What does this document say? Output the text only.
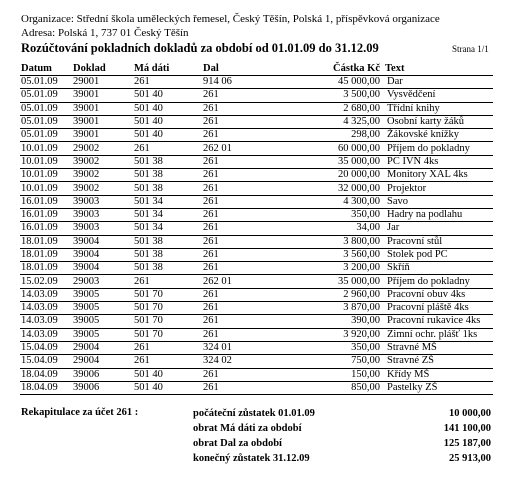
Organizace: Střední škola uměleckých řemesel, Český Těšín, Polská 1, příspěvková organizace
Adresa: Polská 1, 737 01 Český Těšín
Rozúčtování pokladních dokladů za období od 01.01.09 do 31.12.09	Strana 1/1
Datum	Doklad	Má dáti	Dal	Částka Kč	Text
05.01.09	29001	261	914 06	45 000,00	Dar
05.01.09	39001	501 40	261	3 500,00	Vysvědčení
05.01.09	39001	501 40	261	2 680,00	Třídní knihy
05.01.09	39001	501 40	261	4 325,00	Osobní karty žáků
05.01.09	39001	501 40	261	298,00	Žákovské knížky
10.01.09	29002	261	262 01	60 000,00	Příjem do pokladny
10.01.09	39002	501 38	261	35 000,00	PC IVN 4ks
10.01.09	39002	501 38	261	20 000,00	Monitory XAL 4ks
10.01.09	39002	501 38	261	32 000,00	Projektor
16.01.09	39003	501 34	261	4 300,00	Savo
16.01.09	39003	501 34	261	350,00	Hadry na podlahu
16.01.09	39003	501 34	261	34,00	Jar
18.01.09	39004	501 38	261	3 800,00	Pracovní stůl
18.01.09	39004	501 38	261	3 560,00	Stolek pod PC
18.01.09	39004	501 38	261	3 200,00	Skříň
15.02.09	29003	261	262 01	35 000,00	Příjem do pokladny
14.03.09	39005	501 70	261	2 960,00	Pracovní obuv 4ks
14.03.09	39005	501 70	261	3 870,00	Pracovní pláště 4ks
14.03.09	39005	501 70	261	390,00	Pracovní rukavice 4ks
14.03.09	39005	501 70	261	3 920,00	Zimní ochr. plášť 1ks
15.04.09	29004	261	324 01	350,00	Stravné MŠ
15.04.09	29004	261	324 02	750,00	Stravné ZŠ
18.04.09	39006	501 40	261	150,00	Křídy MŠ
18.04.09	39006	501 40	261	850,00	Pastelky ZŠ
Rekapitulace za účet 261 :	počáteční zůstatek 01.01.09	10 000,00
obrat Má dáti za období	141 100,00
obrat Dal za období	125 187,00
konečný zůstatek 31.12.09	25 913,00
